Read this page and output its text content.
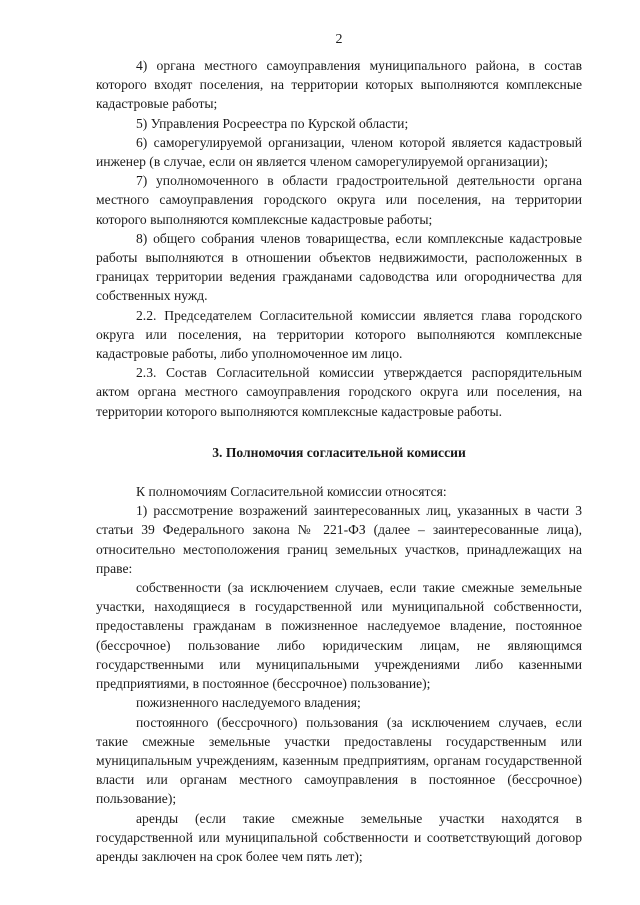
2

4) органа местного самоуправления муниципального района, в состав которого входят поселения, на территории которых выполняются комплексные кадастровые работы;

5) Управления Росреестра по Курской области;

6) саморегулируемой организации, членом которой является кадастровый инженер (в случае, если он является членом саморегулируемой организации);

7) уполномоченного в области градостроительной деятельности органа местного самоуправления городского округа или поселения, на территории которого выполняются комплексные кадастровые работы;

8) общего собрания членов товарищества, если комплексные кадастровые работы выполняются в отношении объектов недвижимости, расположенных в границах территории ведения гражданами садоводства или огородничества для собственных нужд.

2.2. Председателем Согласительной комиссии является глава городского округа или поселения, на территории которого выполняются комплексные кадастровые работы, либо уполномоченное им лицо.

2.3. Состав Согласительной комиссии утверждается распорядительным актом органа местного самоуправления городского округа или поселения, на территории которого выполняются комплексные кадастровые работы.

3. Полномочия согласительной комиссии

К полномочиям Согласительной комиссии относятся:

1) рассмотрение возражений заинтересованных лиц, указанных в части 3 статьи 39 Федерального закона № 221-ФЗ (далее – заинтересованные лица), относительно местоположения границ земельных участков, принадлежащих на праве:

собственности (за исключением случаев, если такие смежные земельные участки, находящиеся в государственной или муниципальной собственности, предоставлены гражданам в пожизненное наследуемое владение, постоянное (бессрочное) пользование либо юридическим лицам, не являющимся государственными или муниципальными учреждениями либо казенными предприятиями, в постоянное (бессрочное) пользование);

пожизненного наследуемого владения;

постоянного (бессрочного) пользования (за исключением случаев, если такие смежные земельные участки предоставлены государственным или муниципальным учреждениям, казенным предприятиям, органам государственной власти или органам местного самоуправления в постоянное (бессрочное) пользование);

аренды (если такие смежные земельные участки находятся в государственной или муниципальной собственности и соответствующий договор аренды заключен на срок более чем пять лет);
